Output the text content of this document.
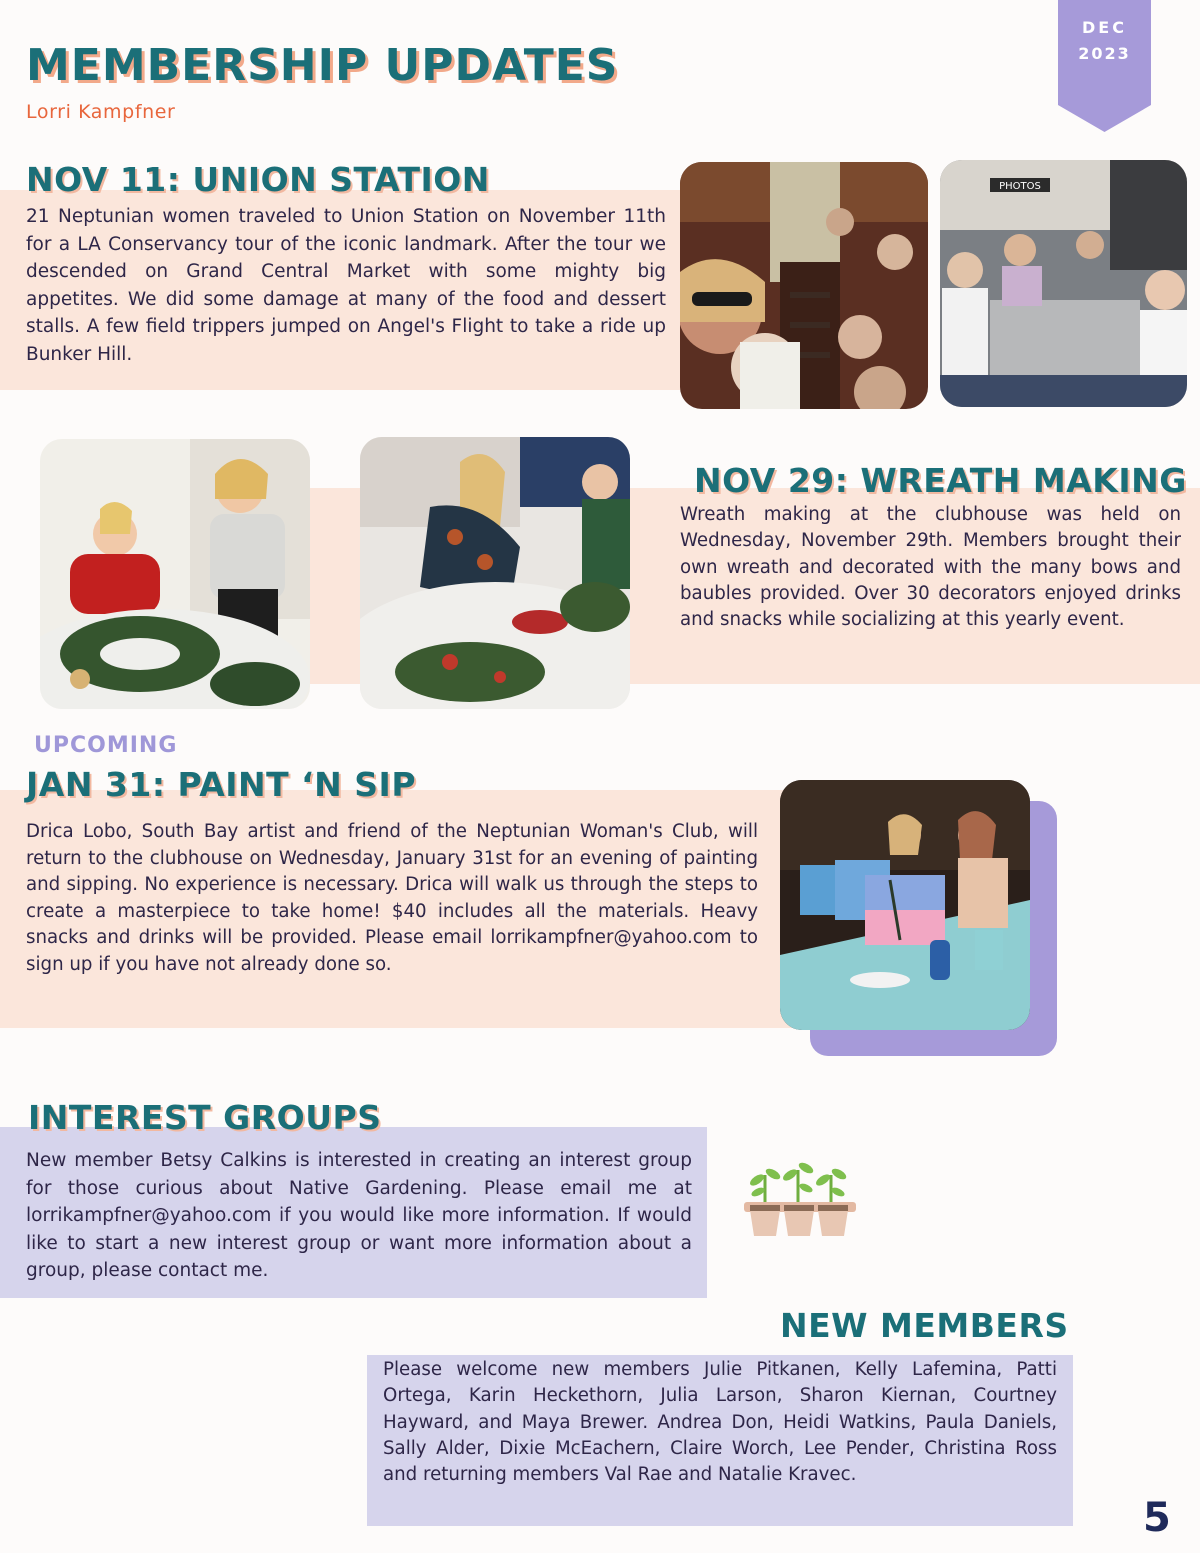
MEMBERSHIP UPDATES
Lorri Kampfner
DEC
2023
NOV 11: UNION STATION

21 Neptunian women traveled to Union Station on November 11th for a LA Conservancy tour of the iconic landmark. After the tour we descended on Grand Central Market with some mighty big appetites. We did some damage at many of the food and dessert stalls. A few field trippers jumped on Angel's Flight to take a ride up Bunker Hill.

PHOTOS
NOV 29: WREATH MAKING

Wreath making at the clubhouse was held on Wednesday, November 29th. Members brought their own wreath and decorated with the many bows and baubles provided. Over 30 decorators enjoyed drinks and snacks while socializing at this yearly event.

UPCOMING
JAN 31: PAINT ‘N SIP

Drica Lobo, South Bay artist and friend of the Neptunian Woman's Club, will return to the clubhouse on Wednesday, January 31st for an evening of painting and sipping. No experience is necessary. Drica will walk us through the steps to create a masterpiece to take home! $40 includes all the materials. Heavy snacks and drinks will be provided. Please email lorrikampfner@yahoo.com to sign up if you have not already done so.

INTEREST GROUPS

New member Betsy Calkins is interested in creating an interest group for those curious about Native Gardening. Please email me at lorrikampfner@yahoo.com if you would like more information. If would like to start a new interest group or want more information about a group, please contact me.

NEW MEMBERS

Please welcome new members Julie Pitkanen, Kelly Lafemina, Patti Ortega, Karin Heckethorn, Julia Larson, Sharon Kiernan, Courtney Hayward, and Maya Brewer. Andrea Don, Heidi Watkins, Paula Daniels, Sally Alder, Dixie McEachern, Claire Worch, Lee Pender, Christina Ross and returning members Val Rae and Natalie Kravec.

5
